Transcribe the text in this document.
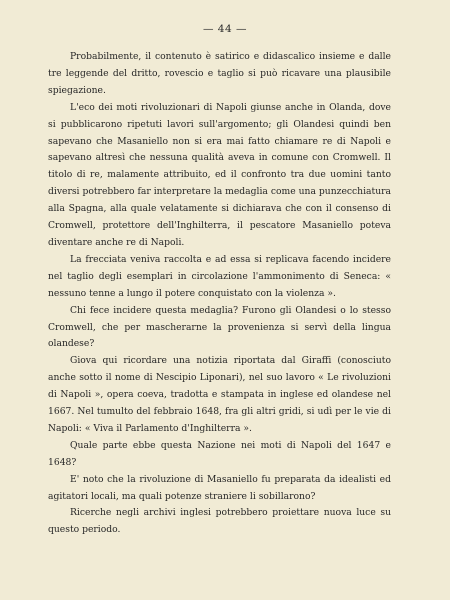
— 44 —

Probabilmente, il contenuto è satirico e didascalico insieme e dalle tre leggende del dritto, rovescio e taglio si può ricavare una plausibile spiegazione.

L'eco dei moti rivoluzionari di Napoli giunse anche in Olanda, dove si pubblicarono ripetuti lavori sull'argomento; gli Olandesi quindi ben sapevano che Masaniello non si era mai fatto chiamare re di Napoli e sapevano altresì che nessuna qualità aveva in comune con Cromwell. Il titolo di re, malamente attribuito, ed il confronto tra due uomini tanto diversi potrebbero far interpretare la medaglia come una punzecchiatura alla Spagna, alla quale velatamente si dichiarava che con il consenso di Cromwell, protettore dell'Inghilterra, il pescatore Masaniello poteva diventare anche re di Napoli.

La frecciata veniva raccolta e ad essa si replicava facendo incidere nel taglio degli esemplari in circolazione l'ammonimento di Seneca: « nessuno tenne a lungo il potere conquistato con la violenza ».

Chi fece incidere questa medaglia? Furono gli Olandesi o lo stesso Cromwell, che per mascherarne la provenienza si servì della lingua olandese?

Giova qui ricordare una notizia riportata dal Giraffi (conosciuto anche sotto il nome di Nescipio Liponari), nel suo lavoro « Le rivoluzioni di Napoli », opera coeva, tradotta e stampata in inglese ed olandese nel 1667. Nel tumulto del febbraio 1648, fra gli altri gridi, si udì per le vie di Napoli: « Viva il Parlamento d'Inghilterra ».

Quale parte ebbe questa Nazione nei moti di Napoli del 1647 e 1648?

E' noto che la rivoluzione di Masaniello fu preparata da idealisti ed agitatori locali, ma quali potenze straniere li sobillarono?

Ricerche negli archivi inglesi potrebbero proiettare nuova luce su questo periodo.
